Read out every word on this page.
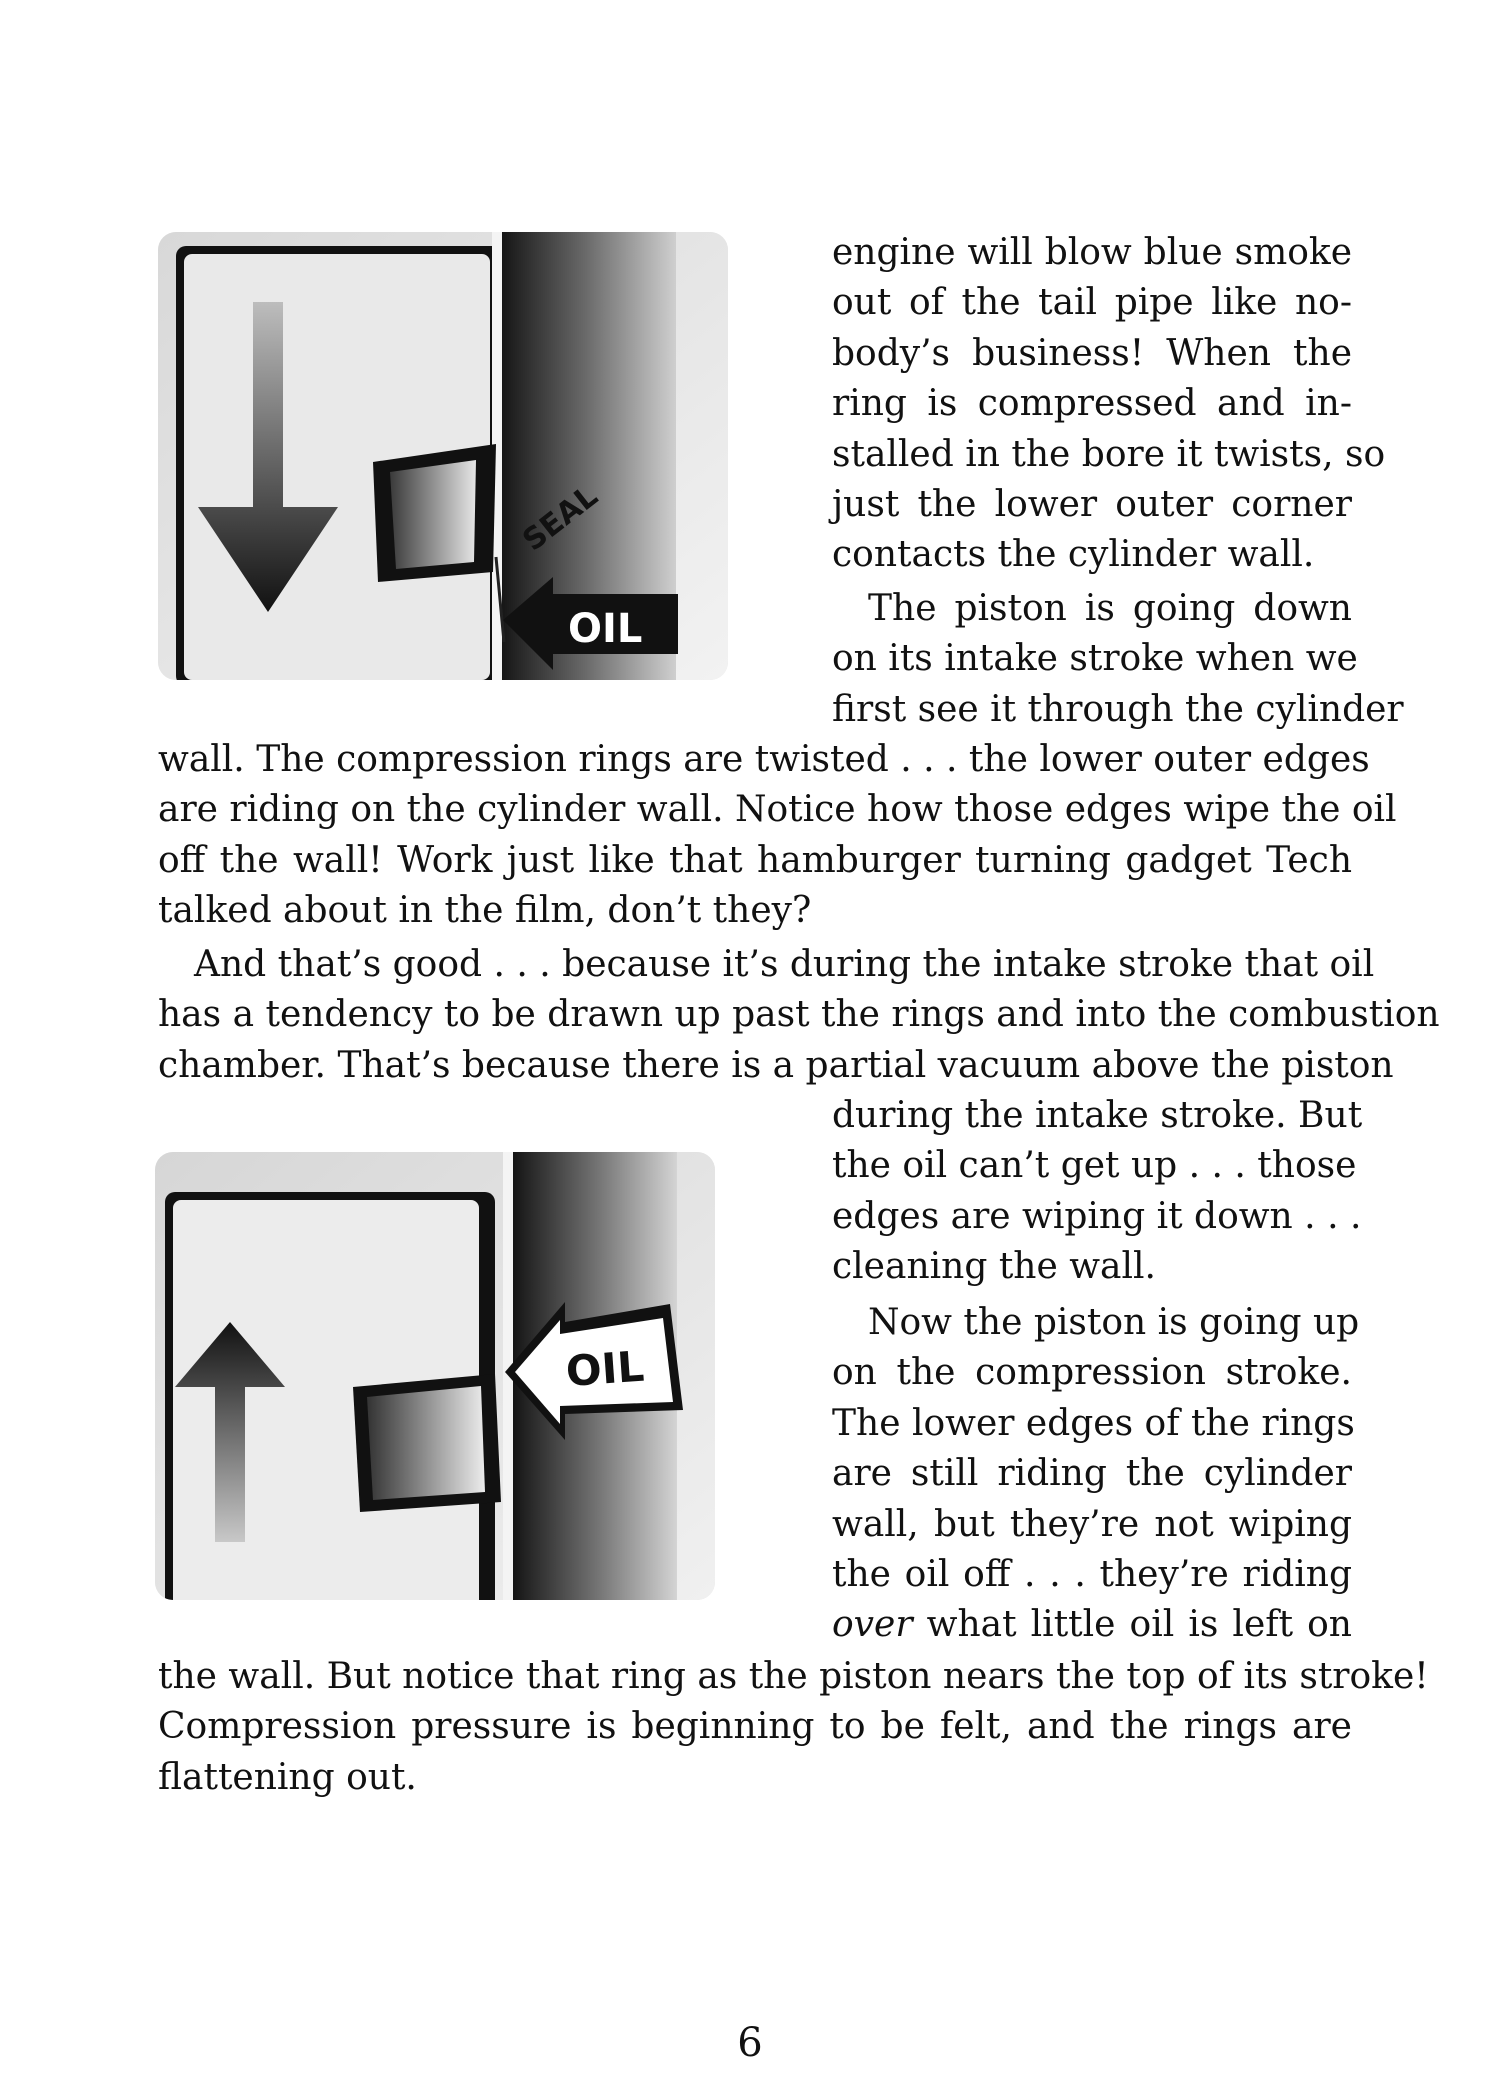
SEAL
OIL
OIL
engine will blow blue smoke
out of the tail pipe like no-
body’s business! When the
ring is compressed and in-
stalled in the bore it twists, so
just the lower outer corner
contacts the cylinder wall.
The piston is going down
on its intake stroke when we
first see it through the cylinder
wall. The compression rings are twisted . . . the lower outer edges
are riding on the cylinder wall. Notice how those edges wipe the oil
off the wall! Work just like that hamburger turning gadget Tech
talked about in the film, don’t they?
And that’s good . . . because it’s during the intake stroke that oil
has a tendency to be drawn up past the rings and into the combustion
chamber. That’s because there is a partial vacuum above the piston
during the intake stroke. But
the oil can’t get up . . . those
edges are wiping it down . . .
cleaning the wall.
Now the piston is going up
on the compression stroke.
The lower edges of the rings
are still riding the cylinder
wall, but they’re not wiping
the oil off . . . they’re riding
over what little oil is left on
the wall. But notice that ring as the piston nears the top of its stroke!
Compression pressure is beginning to be felt, and the rings are
flattening out.
6
